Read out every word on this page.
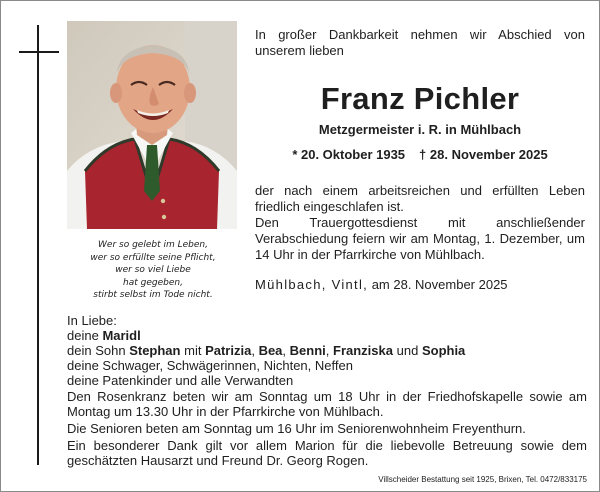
Wer so gelebt im Leben,
wer so erfüllte seine Pflicht,
wer so viel Liebe
hat gegeben,
stirbt selbst im Tode nicht.
In großer Dankbarkeit nehmen wir Abschied von unserem lieben
Franz Pichler
Metzgermeister i. R. in Mühlbach
* 20. Oktober 1935 † 28. November 2025
der nach einem arbeitsreichen und erfüllten Leben friedlich eingeschlafen ist.
Den Trauergottesdienst mit anschließender Verabschiedung feiern wir am Montag, 1. Dezember, um 14 Uhr in der Pfarrkirche von Mühlbach.
Mühlbach, Vintl, am 28. November 2025
In Liebe:
deine Maridl
dein Sohn Stephan mit Patrizia, Bea, Benni, Franziska und Sophia
deine Schwager, Schwägerinnen, Nichten, Neffen
deine Patenkinder und alle Verwandten
Den Rosenkranz beten wir am Sonntag um 18 Uhr in der Friedhofskapelle sowie am Montag um 13.30 Uhr in der Pfarrkirche von Mühlbach.
Die Senioren beten am Sonntag um 16 Uhr im Seniorenwohnheim Freyenthurn.
Ein besonderer Dank gilt vor allem Marion für die liebevolle Betreuung sowie dem geschätzten Hausarzt und Freund Dr. Georg Rogen.
Villscheider Bestattung seit 1925, Brixen, Tel. 0472/833175
